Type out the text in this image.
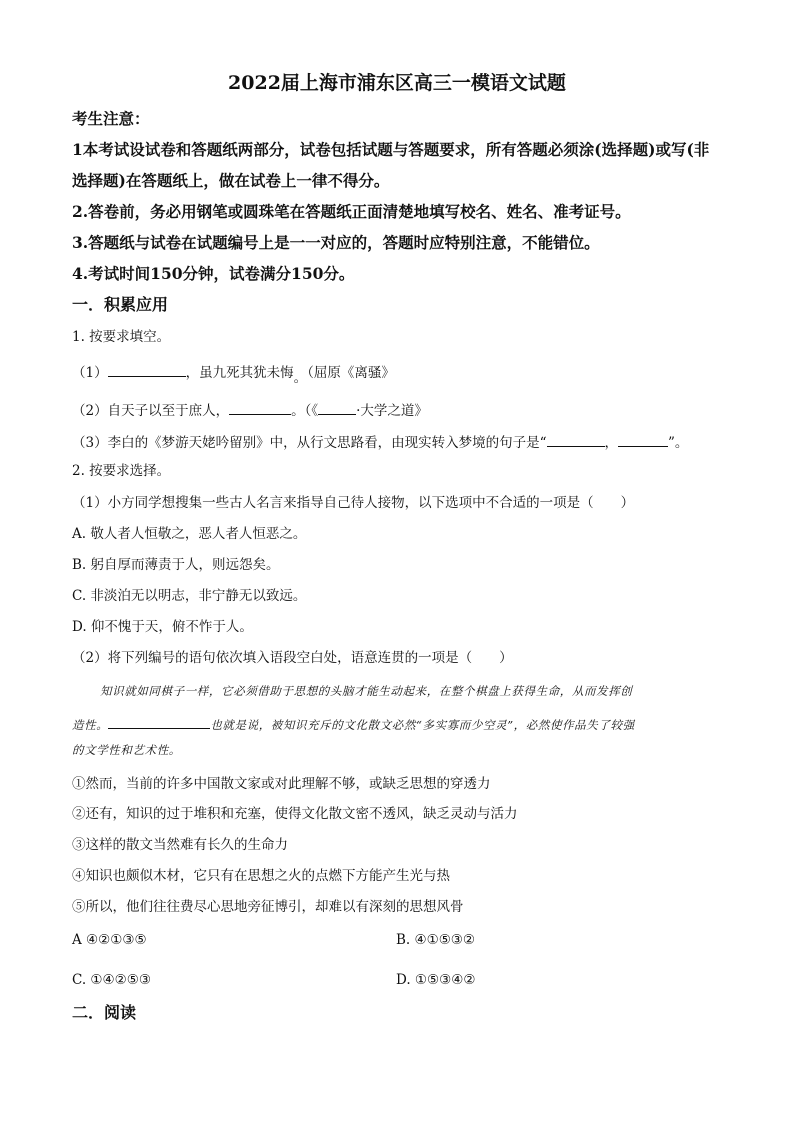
2022届上海市浦东区高三一模语文试题
考生注意：
1本考试设试卷和答题纸两部分，试卷包括试题与答题要求，所有答题必须涂(选择题)或写(非
选择题)在答题纸上，做在试卷上一律不得分。
2.答卷前，务必用钢笔或圆珠笔在答题纸正面清楚地填写校名、姓名、准考证号。
3.答题纸与试卷在试题编号上是一一对应的，答题时应特别注意，不能错位。
4.考试时间150分钟，试卷满分150分。
一．积累应用
1. 按要求填空。
（1）	，虽九死其犹未悔。（屈原《离骚》
（2）自天子以至于庶人，	。（《	·大学之道》
（3）李白的《梦游天姥吟留别》中，从行文思路看，由现实转入梦境的句子是“	，	”。
2. 按要求选择。
（1）小方同学想搜集一些古人名言来指导自己待人接物，以下选项中不合适的一项是（　　）
A. 敬人者人恒敬之，恶人者人恒恶之。
B. 躬自厚而薄责于人，则远怨矣。
C. 非淡泊无以明志，非宁静无以致远。
D. 仰不愧于天，俯不怍于人。
（2）将下列编号的语句依次填入语段空白处，语意连贯的一项是（　　）
知识就如同棋子一样，它必须借助于思想的头脑才能生动起来，在整个棋盘上获得生命，从而发挥创
造性。	也就是说，被知识充斥的文化散文必然“多实寡而少空灵”，必然使作品失了较强
的文学性和艺术性。
①然而，当前的许多中国散文家或对此理解不够，或缺乏思想的穿透力
②还有，知识的过于堆积和充塞，使得文化散文密不透风，缺乏灵动与活力
③这样的散文当然难有长久的生命力
④知识也颇似木材，它只有在思想之火的点燃下方能产生光与热
⑤所以，他们往往费尽心思地旁征博引，却难以有深刻的思想风骨
A ④②①③⑤	B. ④①⑤③②
C. ①④②⑤③	D. ①⑤③④②
二．阅读
